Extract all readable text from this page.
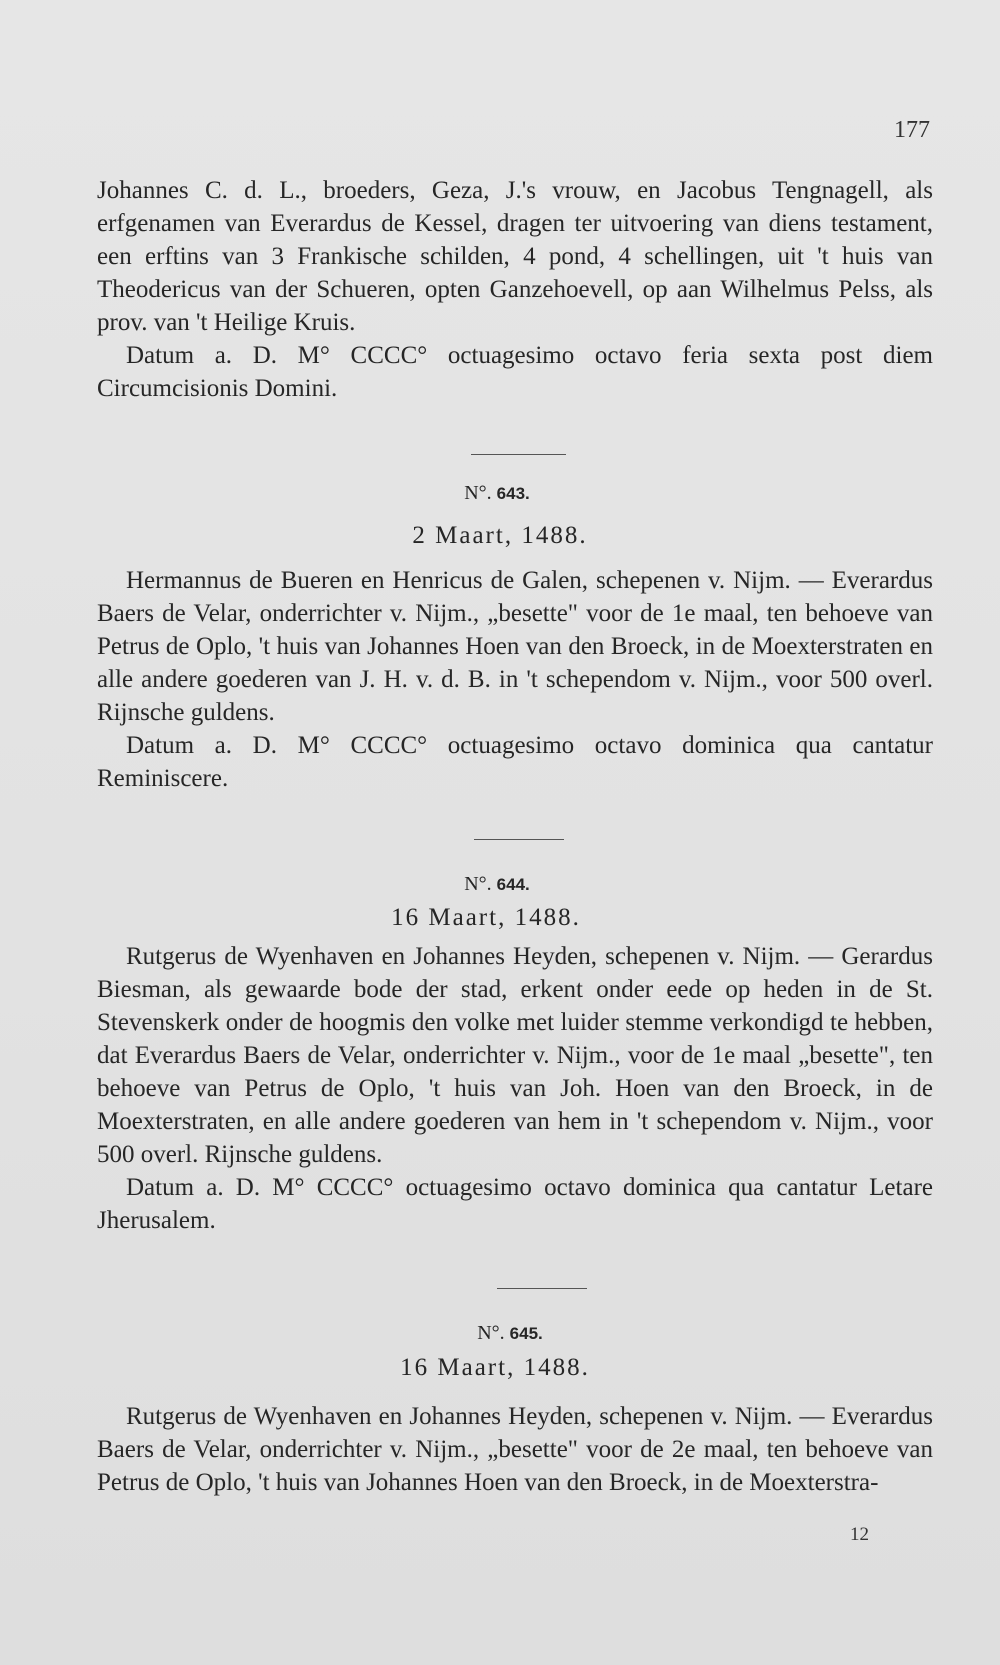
177

Johannes C. d. L., broeders, Geza, J.'s vrouw, en Jacobus Tengnagell, als erfgenamen van Everardus de Kessel, dragen ter uitvoering van diens testament, een erftins van 3 Frankische schilden, 4 pond, 4 schellingen, uit 't huis van Theodericus van der Schueren, opten Ganzehoevell, op aan Wilhelmus Pelss, als prov. van 't Heilige Kruis.

Datum a. D. M° CCCC° octuagesimo octavo feria sexta post diem Circumcisionis Domini.

N°. 643.
2 Maart, 1488.

Hermannus de Bueren en Henricus de Galen, schepenen v. Nijm. — Everardus Baers de Velar, onderrichter v. Nijm., „besette" voor de 1e maal, ten behoeve van Petrus de Oplo, 't huis van Johannes Hoen van den Broeck, in de Moexterstraten en alle andere goederen van J. H. v. d. B. in 't schependom v. Nijm., voor 500 overl. Rijnsche guldens.

Datum a. D. M° CCCC° octuagesimo octavo dominica qua cantatur Reminiscere.

N°. 644.
16 Maart, 1488.

Rutgerus de Wyenhaven en Johannes Heyden, schepenen v. Nijm. — Gerardus Biesman, als gewaarde bode der stad, erkent onder eede op heden in de St. Stevenskerk onder de hoogmis den volke met luider stemme verkondigd te hebben, dat Everardus Baers de Velar, onderrichter v. Nijm., voor de 1e maal „besette", ten behoeve van Petrus de Oplo, 't huis van Joh. Hoen van den Broeck, in de Moexterstraten, en alle andere goederen van hem in 't schependom v. Nijm., voor 500 overl. Rijnsche guldens.

Datum a. D. M° CCCC° octuagesimo octavo dominica qua cantatur Letare Jherusalem.

N°. 645.
16 Maart, 1488.

Rutgerus de Wyenhaven en Johannes Heyden, schepenen v. Nijm. — Everardus Baers de Velar, onderrichter v. Nijm., „besette" voor de 2e maal, ten behoeve van Petrus de Oplo, 't huis van Johannes Hoen van den Broeck, in de Moexterstra-

12
